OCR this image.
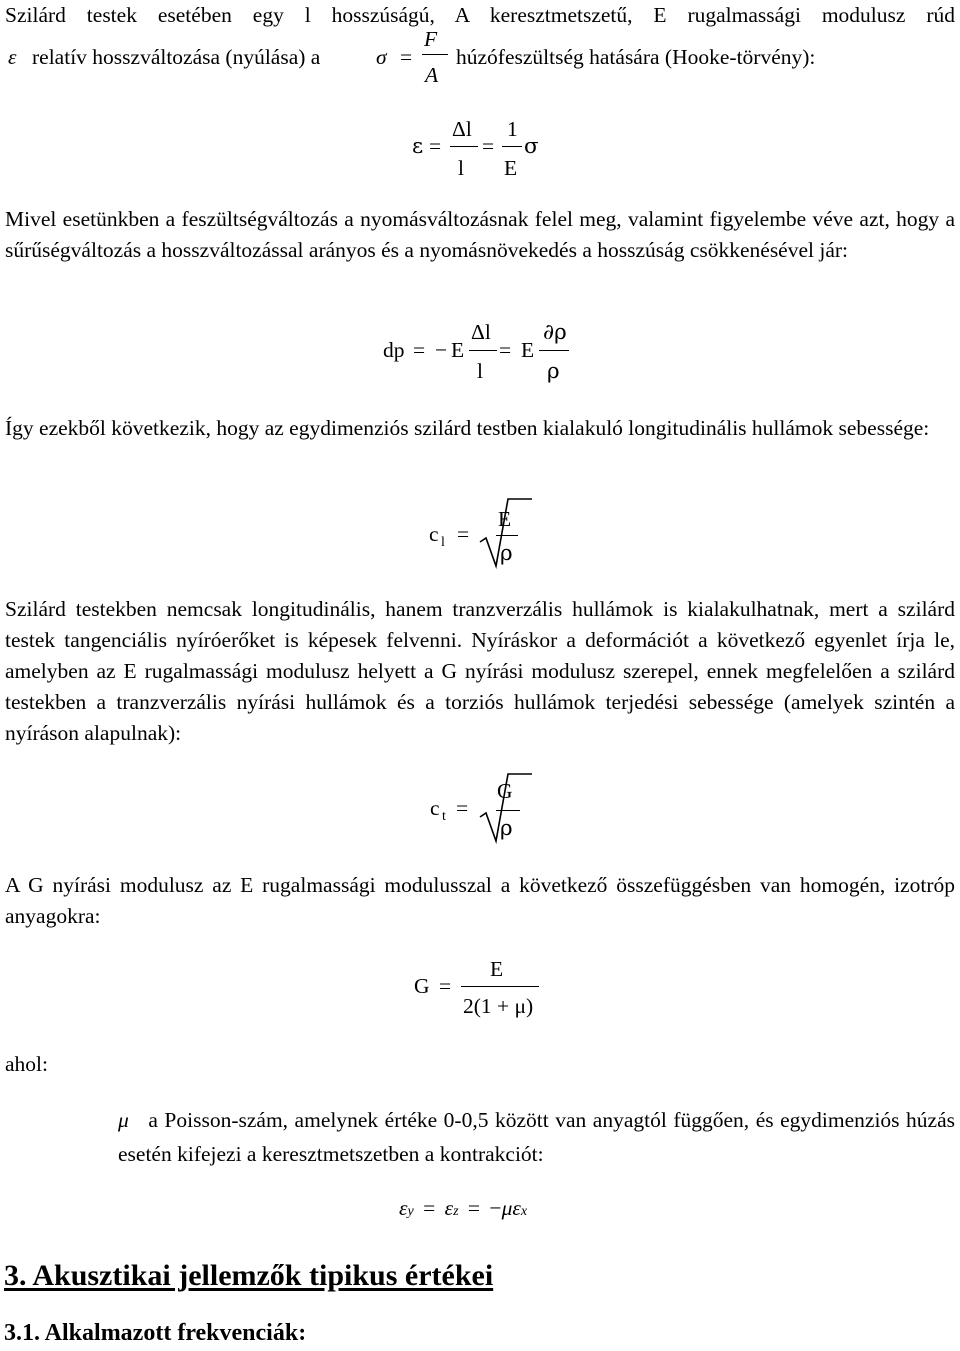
Szilárd testek esetében egy l hosszúságú, A keresztmetszetű, E rugalmassági modulusz rúd
ε relatív hosszváltozása (nyúlása) a	σ =
F
A
húzófeszültség hatására (Hooke-törvény):
ε =
Δl
l
=
1
E
σ
Mivel esetünkben a feszültségváltozás a nyomásváltozásnak felel meg, valamint figyelembe véve azt, hogy a sűrűségváltozás a hosszváltozással arányos és a nyomásnövekedés a hosszúság csökkenésével jár:
dp = − E
Δl
l
= E
∂ρ
ρ
Így ezekből következik, hogy az egydimenziós szilárd testben kialakuló longitudinális hullámok sebessége:
c l =
E
ρ
Szilárd testekben nemcsak longitudinális, hanem tranzverzális hullámok is kialakulhatnak, mert a szilárd testek tangenciális nyíróerőket is képesek felvenni. Nyíráskor a deformációt a következő egyenlet írja le, amelyben az E rugalmassági modulusz helyett a G nyírási modulusz szerepel, ennek megfelelően a szilárd testekben a tranzverzális nyírási hullámok és a torziós hullámok terjedési sebessége (amelyek szintén a nyíráson alapulnak):
c t =
G
ρ
A G nyírási modulusz az E rugalmassági modulusszal a következő összefüggésben van homogén, izotróp anyagokra:
G =
E
2(1 + μ)
ahol:
μ a Poisson-szám, amelynek értéke 0-0,5 között van anyagtól függően, és egydimenziós húzás esetén kifejezi a keresztmetszetben a kontrakciót:
εy = εz = −μεx
3. Akusztikai jellemzők tipikus értékei
3.1. Alkalmazott frekvenciák:
